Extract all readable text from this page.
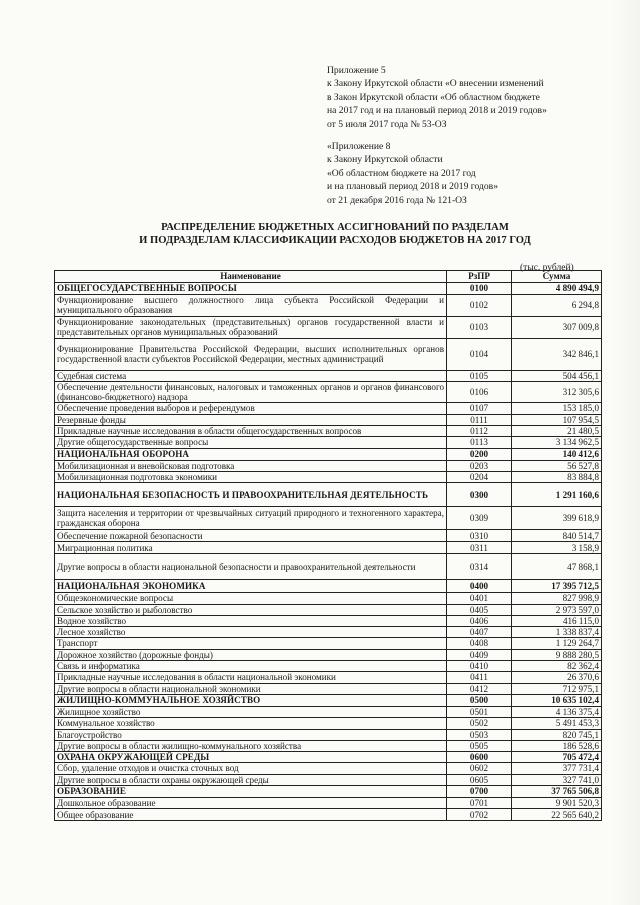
Приложение 5
к Закону Иркутской области «О внесении изменений
в Закон Иркутской области «Об областном бюджете
на 2017 год и на плановый период 2018 и 2019 годов»
от 5 июля 2017 года № 53-ОЗ
«Приложение 8
к Закону Иркутской области
«Об областном бюджете на 2017 год
и на плановый период 2018 и 2019 годов»
от 21 декабря 2016 года № 121-ОЗ
РАСПРЕДЕЛЕНИЕ БЮДЖЕТНЫХ АССИГНОВАНИЙ ПО РАЗДЕЛАМ
И ПОДРАЗДЕЛАМ КЛАССИФИКАЦИИ РАСХОДОВ БЮДЖЕТОВ НА 2017 ГОД
(тыс. рублей)
Наименование	РзПР	Сумма
ОБЩЕГОСУДАРСТВЕННЫЕ ВОПРОСЫ	0100	4 890 494,9
Функционирование высшего должностного лица субъекта Российской Федерации и муниципального образования	0102	6 294,8
Функционирование законодательных (представительных) органов государственной власти и представительных органов муниципальных образований	0103	307 009,8
Функционирование Правительства Российской Федерации, высших исполнительных органов государственной власти субъектов Российской Федерации, местных администраций	0104	342 846,1
Судебная система	0105	504 456,1
Обеспечение деятельности финансовых, налоговых и таможенных органов и органов финансового (финансово-бюджетного) надзора	0106	312 305,6
Обеспечение проведения выборов и референдумов	0107	153 185,0
Резервные фонды	0111	107 954,5
Прикладные научные исследования в области общегосударственных вопросов	0112	21 480,5
Другие общегосударственные вопросы	0113	3 134 962,5
НАЦИОНАЛЬНАЯ ОБОРОНА	0200	140 412,6
Мобилизационная и вневойсковая подготовка	0203	56 527,8
Мобилизационная подготовка экономики	0204	83 884,8
НАЦИОНАЛЬНАЯ БЕЗОПАСНОСТЬ И ПРАВООХРАНИТЕЛЬНАЯ ДЕЯТЕЛЬНОСТЬ	0300	1 291 160,6
Защита населения и территории от чрезвычайных ситуаций природного и техногенного характера, гражданская оборона	0309	399 618,9
Обеспечение пожарной безопасности	0310	840 514,7
Миграционная политика	0311	3 158,9
Другие вопросы в области национальной безопасности и правоохранительной деятельности	0314	47 868,1
НАЦИОНАЛЬНАЯ ЭКОНОМИКА	0400	17 395 712,5
Общеэкономические вопросы	0401	827 998,9
Сельское хозяйство и рыболовство	0405	2 973 597,0
Водное хозяйство	0406	416 115,0
Лесное хозяйство	0407	1 338 837,4
Транспорт	0408	1 129 264,7
Дорожное хозяйство (дорожные фонды)	0409	9 888 280,5
Связь и информатика	0410	82 362,4
Прикладные научные исследования в области национальной экономики	0411	26 370,6
Другие вопросы в области национальной экономики	0412	712 975,1
ЖИЛИЩНО-КОММУНАЛЬНОЕ ХОЗЯЙСТВО	0500	10 635 102,4
Жилищное хозяйство	0501	4 136 375,4
Коммунальное хозяйство	0502	5 491 453,3
Благоустройство	0503	820 745,1
Другие вопросы в области жилищно-коммунального хозяйства	0505	186 528,6
ОХРАНА ОКРУЖАЮЩЕЙ СРЕДЫ	0600	705 472,4
Сбор, удаление отходов и очистка сточных вод	0602	377 731,4
Другие вопросы в области охраны окружающей среды	0605	327 741,0
ОБРАЗОВАНИЕ	0700	37 765 506,8
Дошкольное образование	0701	9 901 520,3
Общее образование	0702	22 565 640,2
